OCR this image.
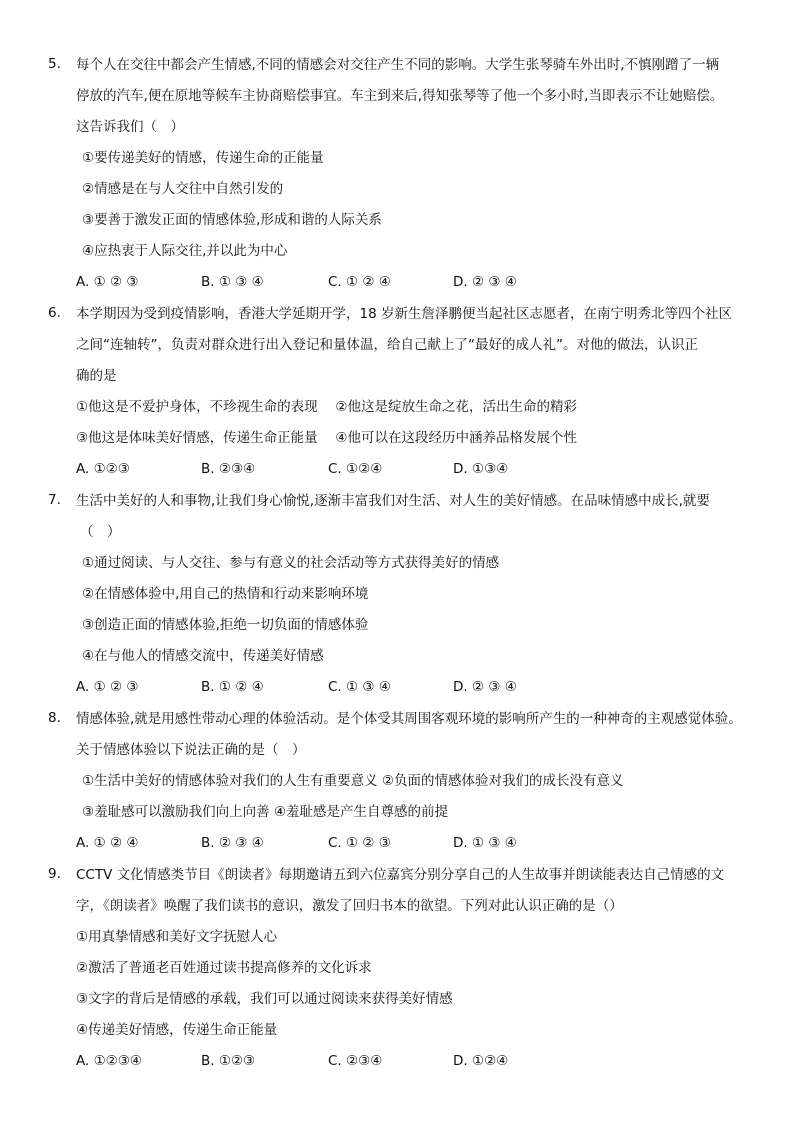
5.	每个人在交往中都会产生情感,不同的情感会对交往产生不同的影响。大学生张琴骑车外出时,不慎刚蹭了一辆
停放的汽车,便在原地等候车主协商赔偿事宜。车主到来后,得知张琴等了他一个多小时,当即表示不让她赔偿。
这告诉我们（　）
①要传递美好的情感，传递生命的正能量
②情感是在与人交往中自然引发的
③要善于激发正面的情感体验,形成和谐的人际关系
④应热衷于人际交往,并以此为中心
A. ① ② ③	B. ① ③ ④	C. ① ② ④	D. ② ③ ④
6.	本学期因为受到疫情影响，香港大学延期开学，18 岁新生詹泽鹏便当起社区志愿者，在南宁明秀北等四个社区
之间“连轴转”，负责对群众进行出入登记和量体温，给自己献上了“最好的成人礼”。对他的做法，认识正
确的是
①他这是不爱护身体，不珍视生命的表现　 ②他这是绽放生命之花，活出生命的精彩
③他这是体味美好情感，传递生命正能量　 ④他可以在这段经历中涵养品格发展个性
A. ①②③	B. ②③④	C. ①②④	D. ①③④
7.	生活中美好的人和事物,让我们身心愉悦,逐渐丰富我们对生活、对人生的美好情感。在品味情感中成长,就要
（　）
①通过阅读、与人交往、参与有意义的社会活动等方式获得美好的情感
②在情感体验中,用自己的热情和行动来影响环境
③创造正面的情感体验,拒绝一切负面的情感体验
④在与他人的情感交流中，传递美好情感
A. ① ② ③	B. ① ② ④	C. ① ③ ④	D. ② ③ ④
8.	情感体验,就是用感性带动心理的体验活动。是个体受其周围客观环境的影响所产生的一种神奇的主观感觉体验。
关于情感体验以下说法正确的是（　）
①生活中美好的情感体验对我们的人生有重要意义 ②负面的情感体验对我们的成长没有意义
③羞耻感可以激励我们向上向善 ④羞耻感是产生自尊感的前提
A. ① ② ④	B. ② ③ ④	C. ① ② ③	D. ① ③ ④
9.	CCTV 文化情感类节目《朗读者》每期邀请五到六位嘉宾分别分享自己的人生故事并朗读能表达自己情感的文
字，《朗读者》唤醒了我们读书的意识，激发了回归书本的欲望。下列对此认识正确的是（）
①用真挚情感和美好文字抚慰人心
②激活了普通老百姓通过读书提高修养的文化诉求
③文字的背后是情感的承载，我们可以通过阅读来获得美好情感
④传递美好情感，传递生命正能量
A. ①②③④	B. ①②③	C. ②③④	D. ①②④
